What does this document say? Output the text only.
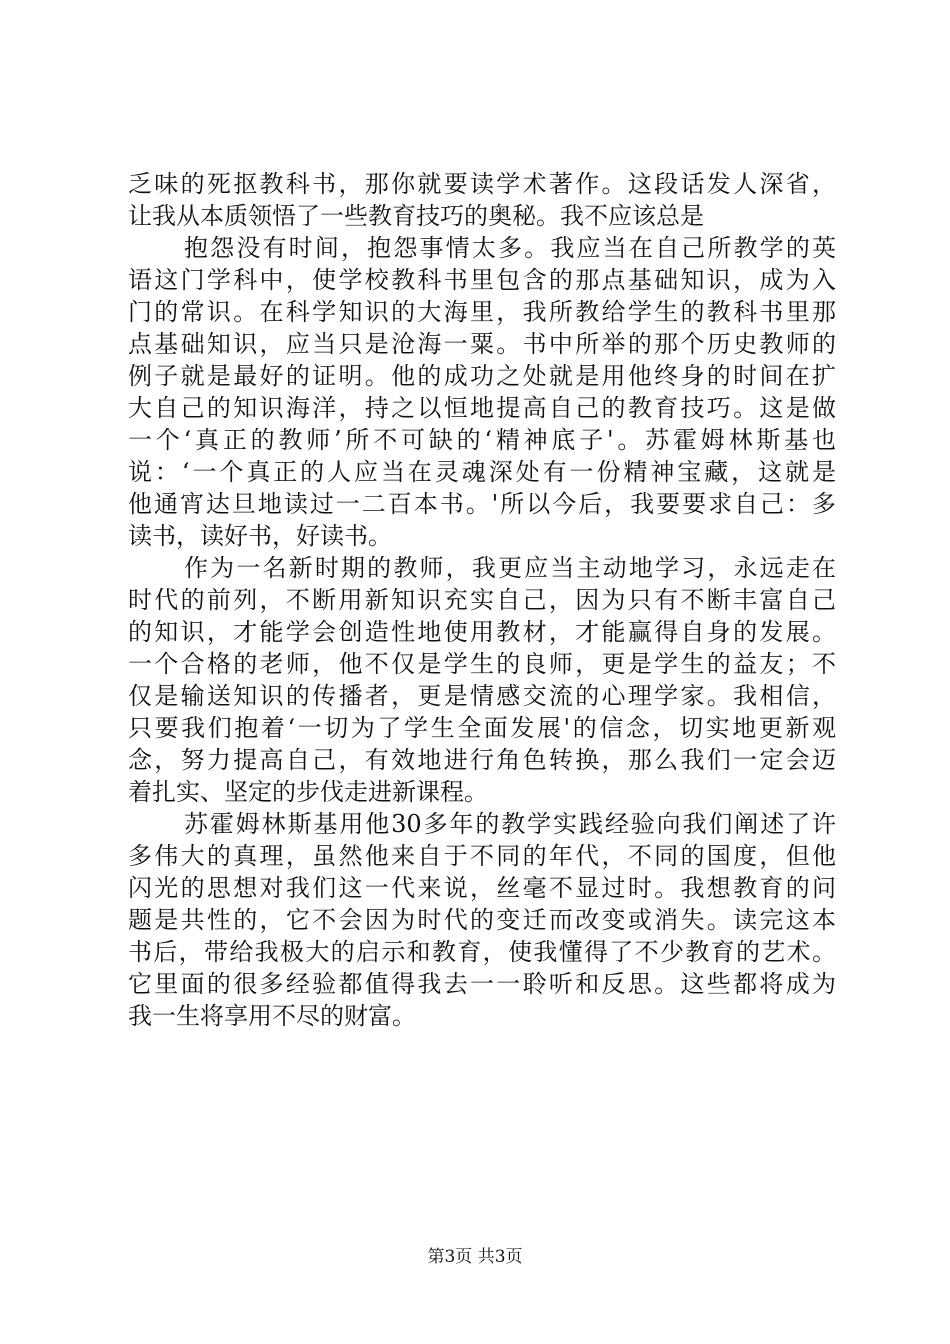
乏味的死抠教科书，那你就要读学术著作。这段话发人深省，
让我从本质领悟了一些教育技巧的奥秘。我不应该总是
抱怨没有时间，抱怨事情太多。我应当在自己所教学的英
语这门学科中，使学校教科书里包含的那点基础知识，成为入
门的常识。在科学知识的大海里，我所教给学生的教科书里那
点基础知识，应当只是沧海一粟。书中所举的那个历史教师的
例子就是最好的证明。他的成功之处就是用他终身的时间在扩
大自己的知识海洋，持之以恒地提高自己的教育技巧。这是做
一个‘真正的教师’所不可缺的‘精神底子'。苏霍姆林斯基也
说：‘一个真正的人应当在灵魂深处有一份精神宝藏，这就是
他通宵达旦地读过一二百本书。'所以今后，我要要求自己：多
读书，读好书，好读书。
作为一名新时期的教师，我更应当主动地学习，永远走在
时代的前列，不断用新知识充实自己，因为只有不断丰富自己
的知识，才能学会创造性地使用教材，才能赢得自身的发展。
一个合格的老师，他不仅是学生的良师，更是学生的益友；不
仅是输送知识的传播者，更是情感交流的心理学家。我相信，
只要我们抱着‘一切为了学生全面发展'的信念，切实地更新观
念，努力提高自己，有效地进行角色转换，那么我们一定会迈
着扎实、坚定的步伐走进新课程。
苏霍姆林斯基用他30多年的教学实践经验向我们阐述了许
多伟大的真理，虽然他来自于不同的年代，不同的国度，但他
闪光的思想对我们这一代来说，丝毫不显过时。我想教育的问
题是共性的，它不会因为时代的变迁而改变或消失。读完这本
书后，带给我极大的启示和教育，使我懂得了不少教育的艺术。
它里面的很多经验都值得我去一一聆听和反思。这些都将成为
我一生将享用不尽的财富。
第3页 共3页
